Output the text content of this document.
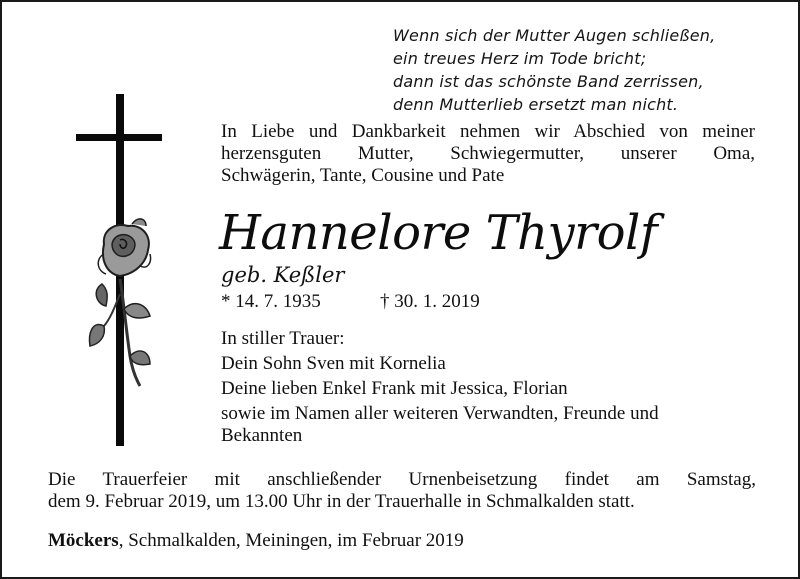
Wenn sich der Mutter Augen schließen,
ein treues Herz im Tode bricht;
dann ist das schönste Band zerrissen,
denn Mutterlieb ersetzt man nicht.
In Liebe und Dankbarkeit nehmen wir Abschied von meiner
herzensguten Mutter, Schwiegermutter, unserer Oma,
Schwägerin, Tante, Cousine und Pate
Hannelore Thyrolf
geb. Keßler
* 14. 7. 1935	† 30. 1. 2019
In stiller Trauer:
Dein Sohn Sven mit Kornelia
Deine lieben Enkel Frank mit Jessica, Florian
sowie im Namen aller weiteren Verwandten, Freunde und Bekannten
Die Trauerfeier mit anschließender Urnenbeisetzung findet am Samstag,
dem 9. Februar 2019, um 13.00 Uhr in der Trauerhalle in Schmalkalden statt.
Möckers, Schmalkalden, Meiningen, im Februar 2019
